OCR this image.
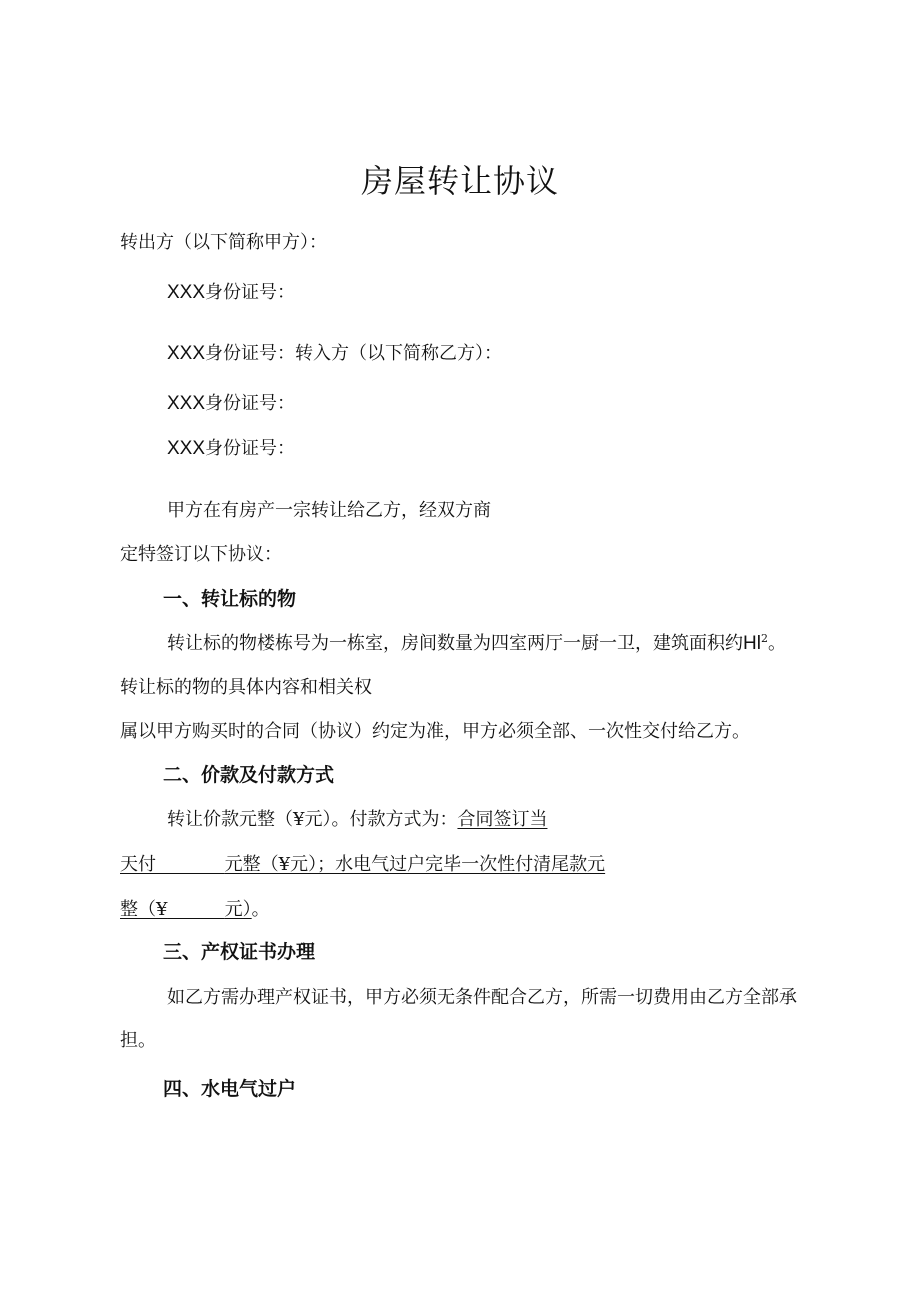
房屋转让协议
转出方（以下简称甲方）：
XXX身份证号：
XXX身份证号：转入方（以下简称乙方）：
XXX身份证号：
XXX身份证号：
甲方在有房产一宗转让给乙方，经双方商
定特签订以下协议：
一、转让标的物
转让标的物楼栋号为一栋室，房间数量为四室两厅一厨一卫，建筑面积约Hl$^2$。
转让标的物的具体内容和相关权
属以甲方购买时的合同（协议）约定为准，甲方必须全部、一次性交付给乙方。
二、价款及付款方式
转让价款元整（¥元）。付款方式为：合同签订当
天付	元整（¥元）；水电气过户完毕一次性付清尾款元
整（¥	元）。
三、产权证书办理
如乙方需办理产权证书，甲方必须无条件配合乙方，所需一切费用由乙方全部承
担。
四、水电气过户
